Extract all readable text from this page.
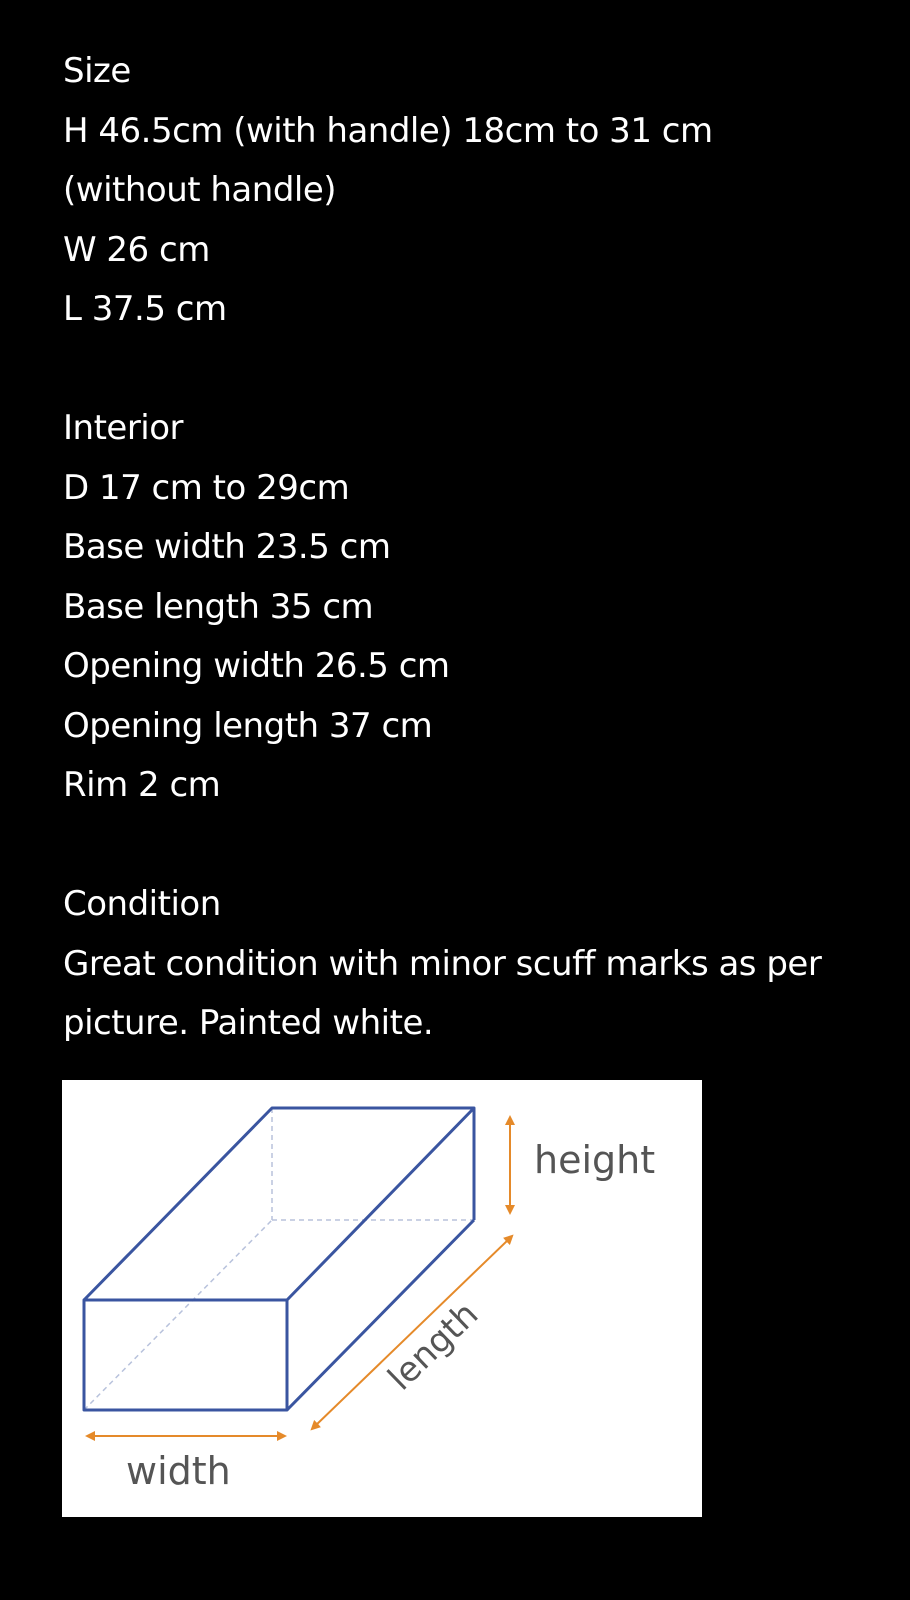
Size
H 46.5cm (with handle) 18cm to 31 cm
(without handle)
W 26 cm
L 37.5 cm
Interior
D 17 cm to 29cm
Base width 23.5 cm
Base length 35 cm
Opening width 26.5 cm
Opening length 37 cm
Rim 2 cm
Condition
Great condition with minor scuff marks as per picture. Painted white.
height
length
width
